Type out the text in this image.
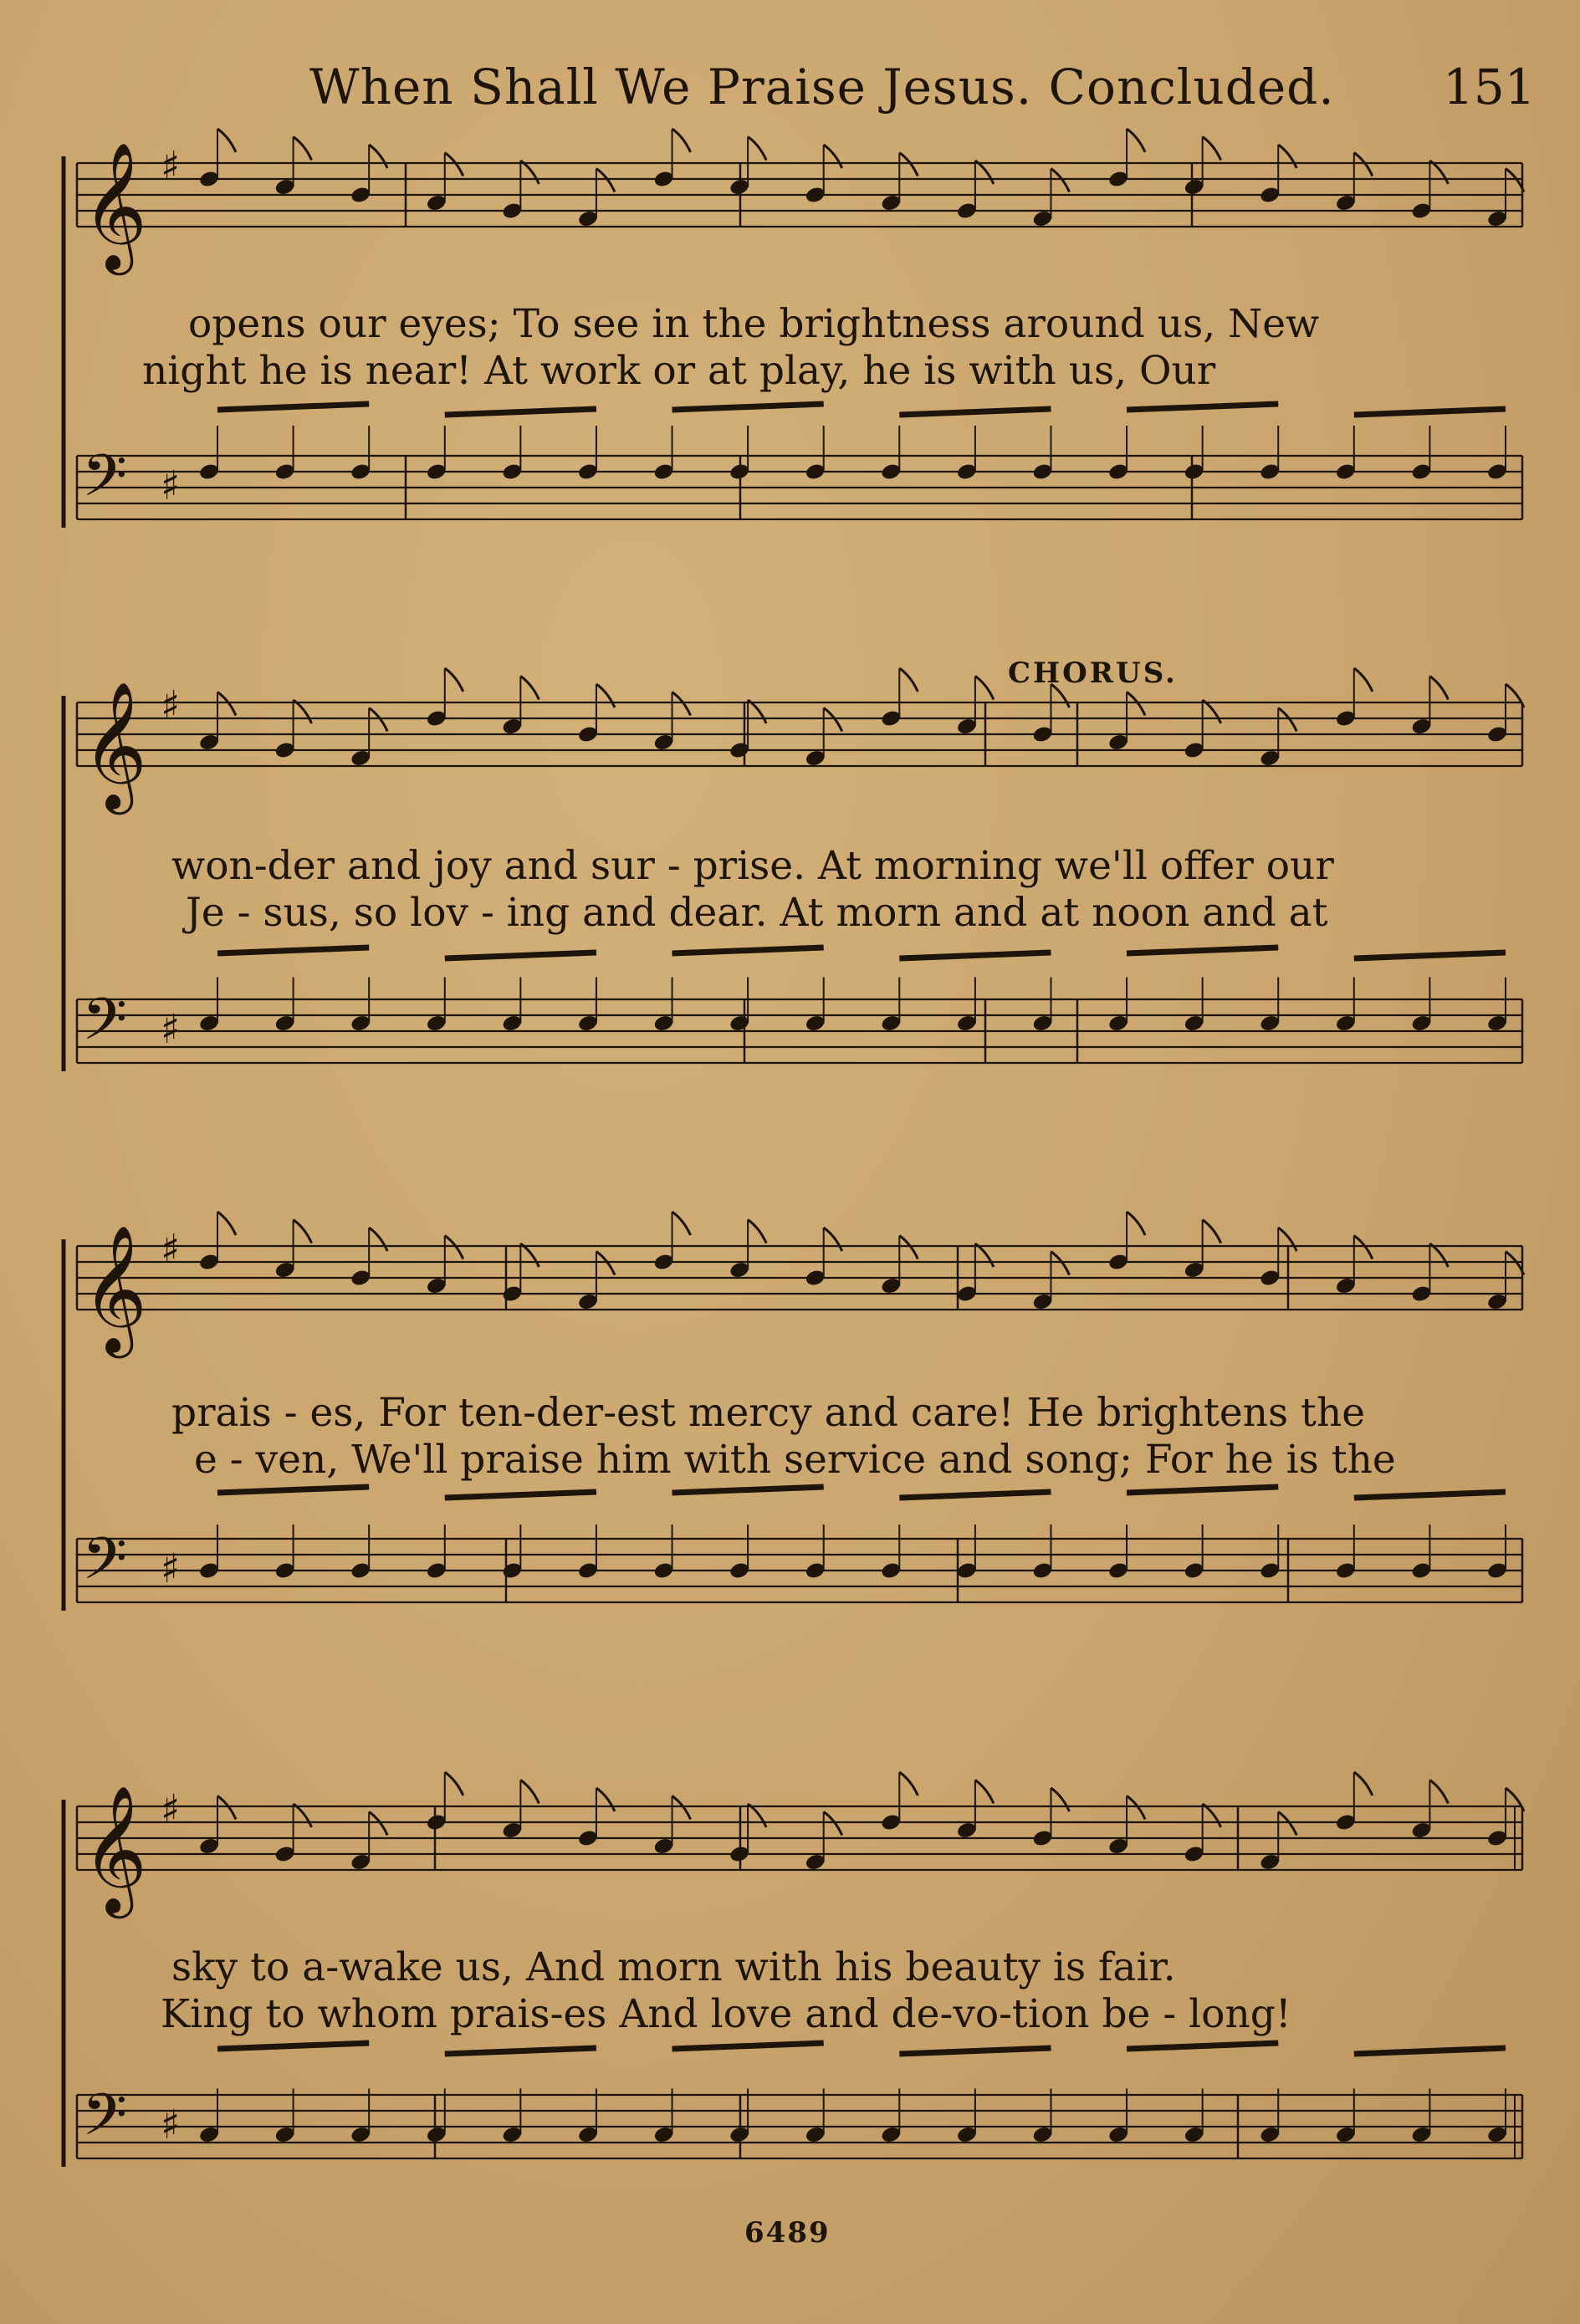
When Shall We Praise Jesus. Concluded. 151
𝄞 ♯
𝄢 ♯
𝄞 ♯
𝄢 ♯
𝄞 ♯
𝄢 ♯
𝄞 ♯
𝄢 ♯
CHORUS.
opens our eyes; To see in the brightness around us, New
night he is near! At work or at play, he is with us, Our
won-der and joy and sur - prise. At morning we'll offer our
Je - sus, so lov - ing and dear. At morn and at noon and at
prais - es, For ten-der-est mercy and care! He brightens the
e - ven, We'll praise him with service and song; For he is the
sky to a-wake us, And morn with his beauty is fair.
King to whom prais-es And love and de-vo-tion be - long!
6489
